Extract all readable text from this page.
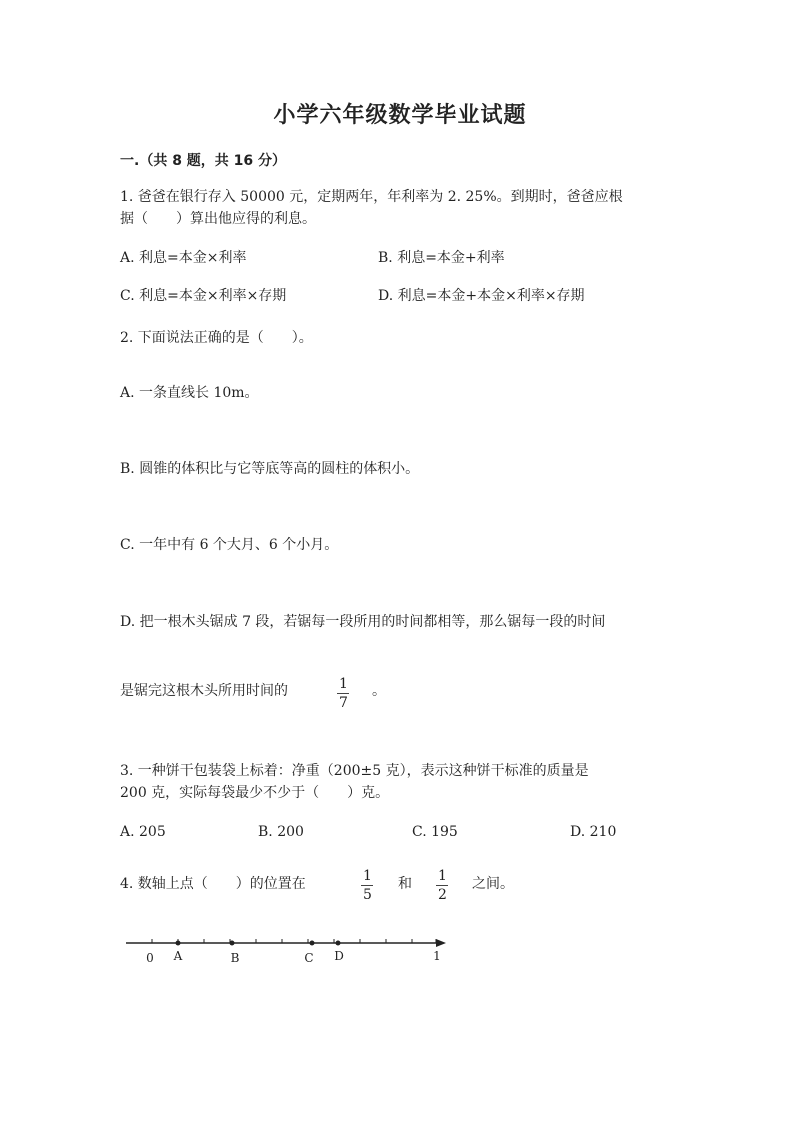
小学六年级数学毕业试题
一.（共 8 题，共 16 分）
1. 爸爸在银行存入 50000 元，定期两年，年利率为 2. 25%。到期时，爸爸应根
据（　　）算出他应得的利息。
A. 利息=本金×利率	B. 利息=本金+利率
C. 利息=本金×利率×存期	D. 利息=本金+本金×利率×存期
2. 下面说法正确的是（　　）。
A. 一条直线长 10m。
B. 圆锥的体积比与它等底等高的圆柱的体积小。
C. 一年中有 6 个大月、6 个小月。
D. 把一根木头锯成 7 段，若锯每一段所用的时间都相等，那么锯每一段的时间
是锯完这根木头所用时间的	1
7
。
3. 一种饼干包装袋上标着：净重（200±5 克），表示这种饼干标准的质量是
200 克，实际每袋最少不少于（　　）克。
A. 205	B. 200	C. 195	D. 210
4. 数轴上点（　　）的位置在	1
5
和 1
2
之间。
0 A	B	C D	1
